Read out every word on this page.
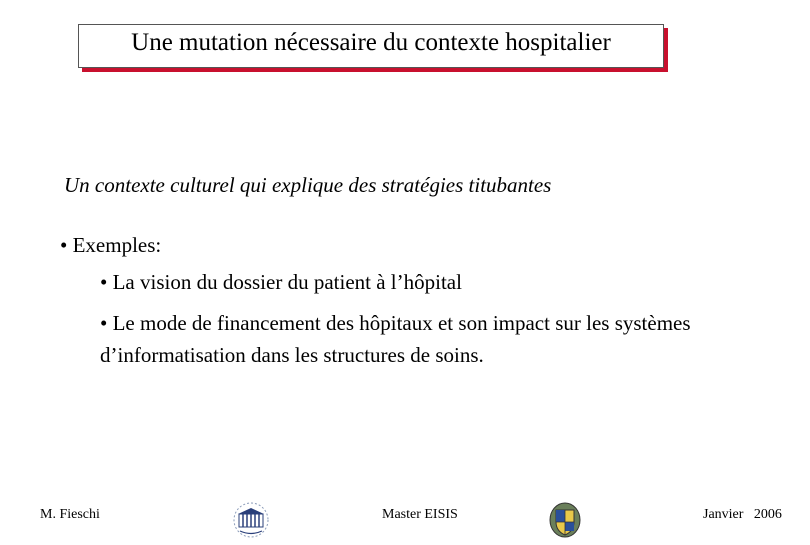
Une mutation nécessaire du contexte hospitalier
Un contexte culturel qui explique des stratégies titubantes
• Exemples:
• La vision du dossier du patient à l’hôpital
• Le mode de financement des hôpitaux et son impact sur les systèmes d’informatisation dans les structures de soins.
M. Fieschi	Master EISIS	Janvier   2006
